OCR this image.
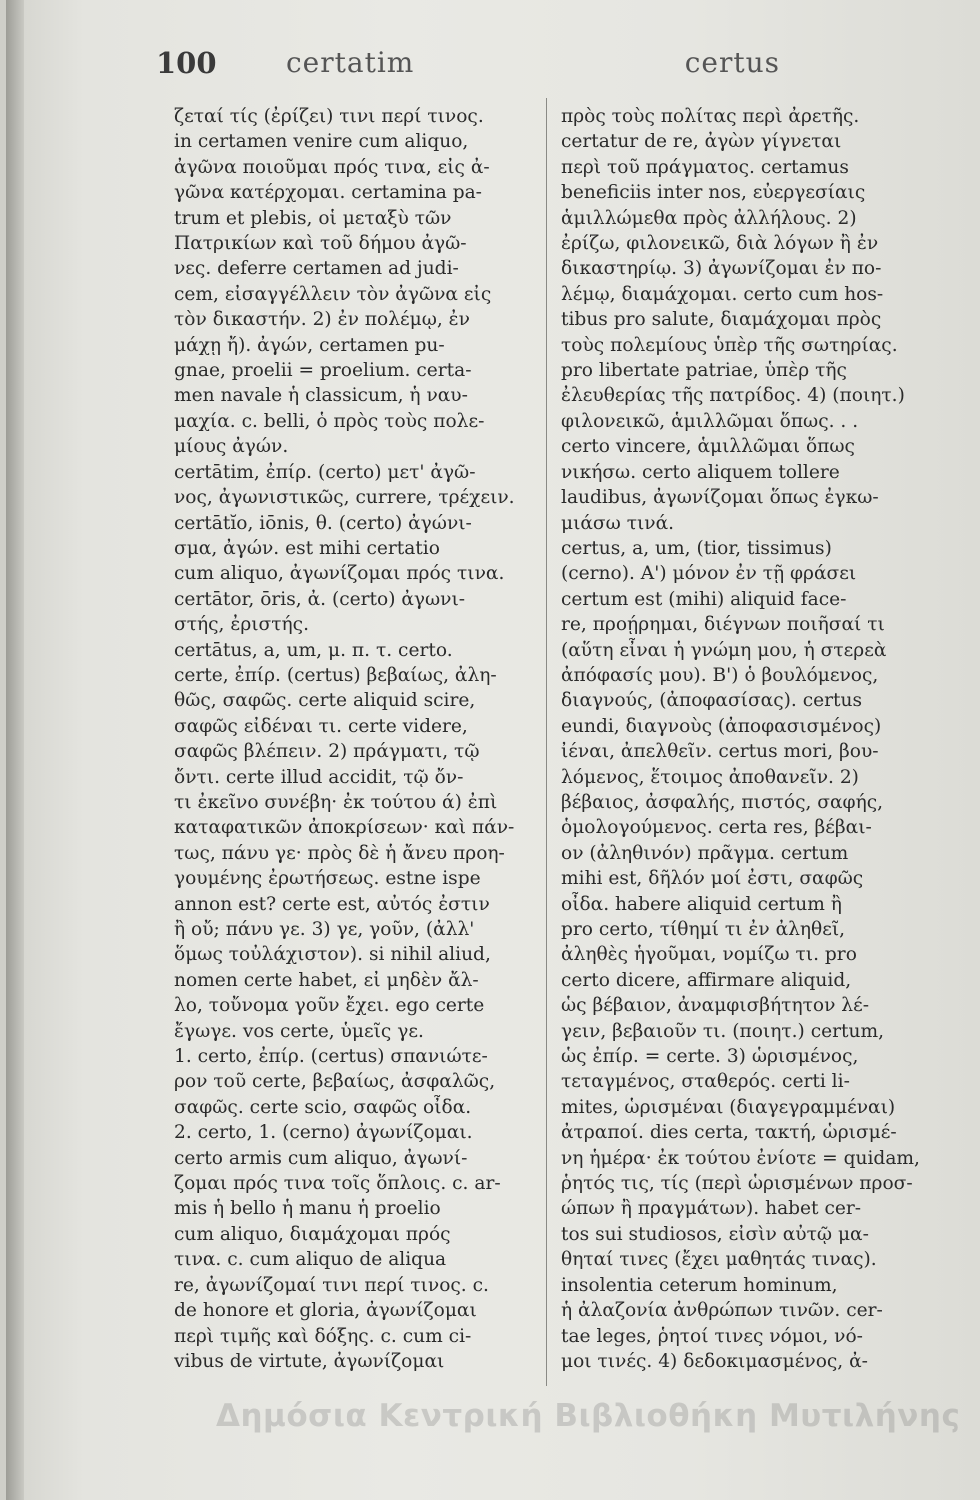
100 certatim	certus
ζεταί τίς (ἐρίζει) τινι περί τινος.
in certamen venire cum aliquo,
ἀγῶνα ποιοῦμαι πρός τινα, εἰς ἀ-
γῶνα κατέρχομαι. certamina pa-
trum et plebis, οἱ μεταξὺ τῶν
Πατρικίων καὶ τοῦ δήμου ἀγῶ-
νες. deferre certamen ad judi-
cem, εἰσαγγέλλειν τὸν ἀγῶνα εἰς
τὸν δικαστήν. 2) ἐν πολέμῳ, ἐν
μάχῃ ἤ). ἀγών, certamen pu-
gnae, proelii = proelium. certa-
men navale ἡ classicum, ἡ ναυ-
μαχία. c. belli, ὁ πρὸς τοὺς πολε-
μίους ἀγών.
certātim, ἐπίρ. (certo) μετ' ἀγῶ-
νος, ἀγωνιστικῶς, currere, τρέχειν.
certātĭo, iōnis, θ. (certo) ἀγώνι-
σμα, ἀγών. est mihi certatio
cum aliquo, ἀγωνίζομαι πρός τινα.
certātor, ōris, ἀ. (certo) ἀγωνι-
στής, ἐριστής.
certātus, a, um, μ. π. τ. certo.
certe, ἐπίρ. (certus) βεβαίως, ἀλη-
θῶς, σαφῶς. certe aliquid scire,
σαφῶς εἰδέναι τι. certe videre,
σαφῶς βλέπειν. 2) πράγματι, τῷ
ὄντι. certe illud accidit, τῷ ὄν-
τι ἐκεῖνο συνέβη· ἐκ τούτου ά) ἐπὶ
καταφατικῶν ἀποκρίσεων· καὶ πάν-
τως, πάνυ γε· πρὸς δὲ ἡ ἄνευ προη-
γουμένης ἐρωτήσεως. estne ispe
annon est? certe est, αὐτός ἐστιν
ἢ οὔ; πάνυ γε. 3) γε, γοῦν, (ἀλλ'
ὅμως τοὐλάχιστον). si nihil aliud,
nomen certe habet, εἰ μηδὲν ἄλ-
λο, τοὔνομα γοῦν ἔχει. ego certe
ἔγωγε. vos certe, ὑμεῖς γε.
1. certo, ἐπίρ. (certus) σπανιώτε-
ρον τοῦ certe, βεβαίως, ἀσφαλῶς,
σαφῶς. certe scio, σαφῶς οἶδα.
2. certo, 1. (cerno) ἀγωνίζομαι.
certo armis cum aliquo, ἀγωνί-
ζομαι πρός τινα τοῖς ὅπλοις. c. ar-
mis ἡ bello ἡ manu ἡ proelio
cum aliquo, διαμάχομαι πρός
τινα. c. cum aliquo de aliqua
re, ἀγωνίζομαί τινι περί τινος. c.
de honore et gloria, ἀγωνίζομαι
περὶ τιμῆς καὶ δόξης. c. cum ci-
vibus de virtute, ἀγωνίζομαι
πρὸς τοὺς πολίτας περὶ ἀρετῆς.
certatur de re, ἀγὼν γίγνεται
περὶ τοῦ πράγματος. certamus
beneficiis inter nos, εὐεργεσίαις
ἁμιλλώμεθα πρὸς ἀλλήλους. 2)
ἐρίζω, φιλονεικῶ, διὰ λόγων ἢ ἐν
δικαστηρίῳ. 3) ἀγωνίζομαι ἐν πο-
λέμῳ, διαμάχομαι. certo cum hos-
tibus pro salute, διαμάχομαι πρὸς
τοὺς πολεμίους ὑπὲρ τῆς σωτηρίας.
pro libertate patriae, ὑπὲρ τῆς
ἐλευθερίας τῆς πατρίδος. 4) (ποιητ.)
φιλονεικῶ, ἁμιλλῶμαι ὅπως. . .
certo vincere, ἁμιλλῶμαι ὅπως
νικήσω. certo aliquem tollere
laudibus, ἀγωνίζομαι ὅπως ἐγκω-
μιάσω τινά.
certus, a, um, (tior, tissimus)
(cerno). Α') μόνον ἐν τῇ φράσει
certum est (mihi) aliquid face-
re, προῄρημαι, διέγνων ποιῆσαί τι
(αὕτη εἶναι ἡ γνώμη μου, ἡ στερεὰ
ἀπόφασίς μου). Β') ὁ βουλόμενος,
διαγνούς, (ἀποφασίσας). certus
eundi, διαγνοὺς (ἀποφασισμένος)
ἰέναι, ἀπελθεῖν. certus mori, βου-
λόμενος, ἕτοιμος ἀποθανεῖν. 2)
βέβαιος, ἀσφαλής, πιστός, σαφής,
ὁμολογούμενος. certa res, βέβαι-
ον (ἀληθινόν) πρᾶγμα. certum
mihi est, δῆλόν μοί ἐστι, σαφῶς
οἶδα. habere aliquid certum ἢ
pro certo, τίθημί τι ἐν ἀληθεῖ,
ἀληθὲς ἡγοῦμαι, νομίζω τι. pro
certo dicere, affirmare aliquid,
ὡς βέβαιον, ἀναμφισβήτητον λέ-
γειν, βεβαιοῦν τι. (ποιητ.) certum,
ὡς ἐπίρ. = certe. 3) ὡρισμένος,
τεταγμένος, σταθερός. certi li-
mites, ὡρισμέναι (διαγεγραμμέναι)
ἀτραποί. dies certa, τακτή, ὡρισμέ-
νη ἡμέρα· ἐκ τούτου ἐνίοτε = quidam,
ῥητός τις, τίς (περὶ ὡρισμένων προσ-
ώπων ἢ πραγμάτων). habet cer-
tos sui studiosos, εἰσὶν αὐτῷ μα-
θηταί τινες (ἔχει μαθητάς τινας).
insolentia ceterum hominum,
ἡ ἀλαζονία ἀνθρώπων τινῶν. cer-
tae leges, ῥητοί τινες νόμοι, νό-
μοι τινές. 4) δεδοκιμασμένος, ἀ-
Δημόσια Κεντρική Βιβλιοθήκη Μυτιλήνης
